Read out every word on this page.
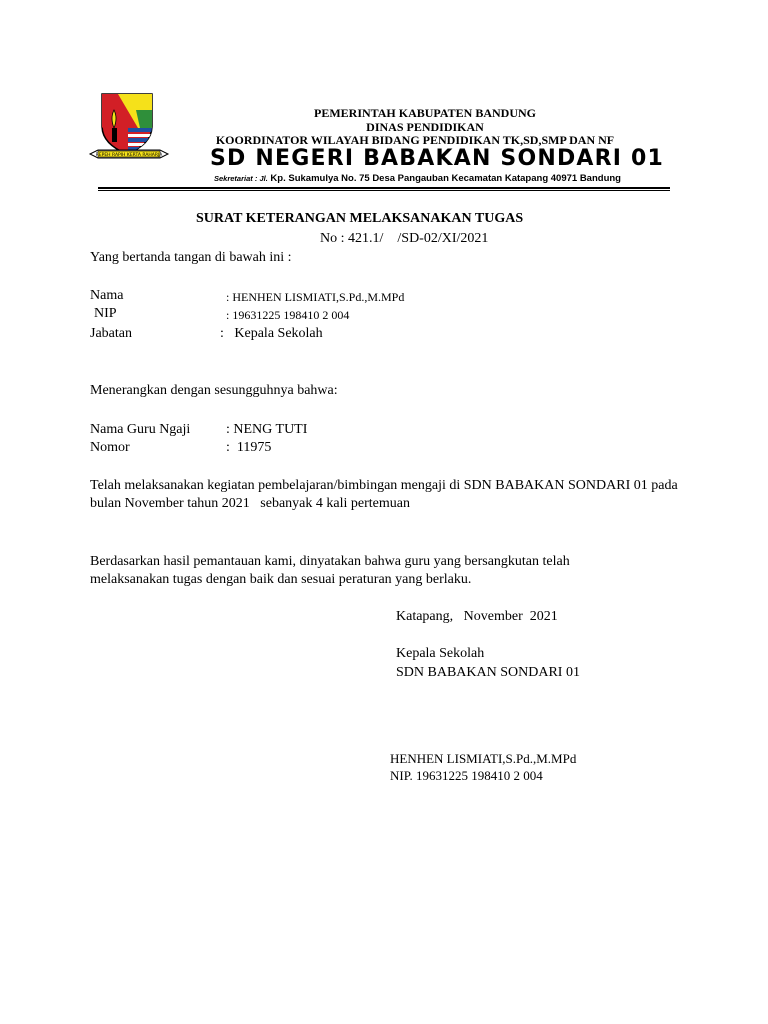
REPEH RAPIH KERTA RAHARJA
PEMERINTAH KABUPATEN BANDUNG
DINAS PENDIDIKAN
KOORDINATOR WILAYAH BIDANG PENDIDIKAN TK,SD,SMP DAN NF
SD NEGERI BABAKAN SONDARI 01
Sekretariat : Jl. Kp. Sukamulya No. 75 Desa Pangauban Kecamatan Katapang 40971 Bandung
SURAT KETERANGAN MELAKSANAKAN TUGAS
No : 421.1/    /SD-02/XI/2021
Yang bertanda tangan di bawah ini :
Nama	: HENHEN LISMIATI,S.Pd.,M.MPd
NIP	: 19631225 198410 2 004
Jabatan	:   Kepala Sekolah
Menerangkan dengan sesungguhnya bahwa:
Nama Guru Ngaji	: NENG TUTI
Nomor	:  11975
Telah melaksanakan kegiatan pembelajaran/bimbingan mengaji di SDN BABAKAN SONDARI 01 pada bulan November tahun 2021   sebanyak 4 kali pertemuan
Berdasarkan hasil pemantauan kami, dinyatakan bahwa guru yang bersangkutan telah melaksanakan tugas dengan baik dan sesuai peraturan yang berlaku.
Katapang,   November  2021
Kepala Sekolah
SDN BABAKAN SONDARI 01
HENHEN LISMIATI,S.Pd.,M.MPd
NIP. 19631225 198410 2 004
